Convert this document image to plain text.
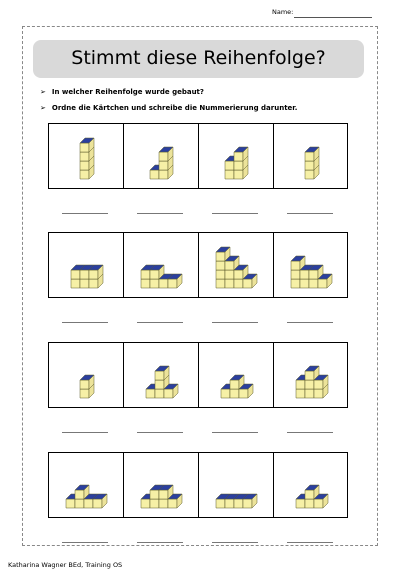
Name:
Stimmt diese Reihenfolge?
➢ In welcher Reihenfolge wurde gebaut?
➢ Ordne die Kärtchen und schreibe die Nummerierung darunter.
Katharina Wagner BEd, Training OS
